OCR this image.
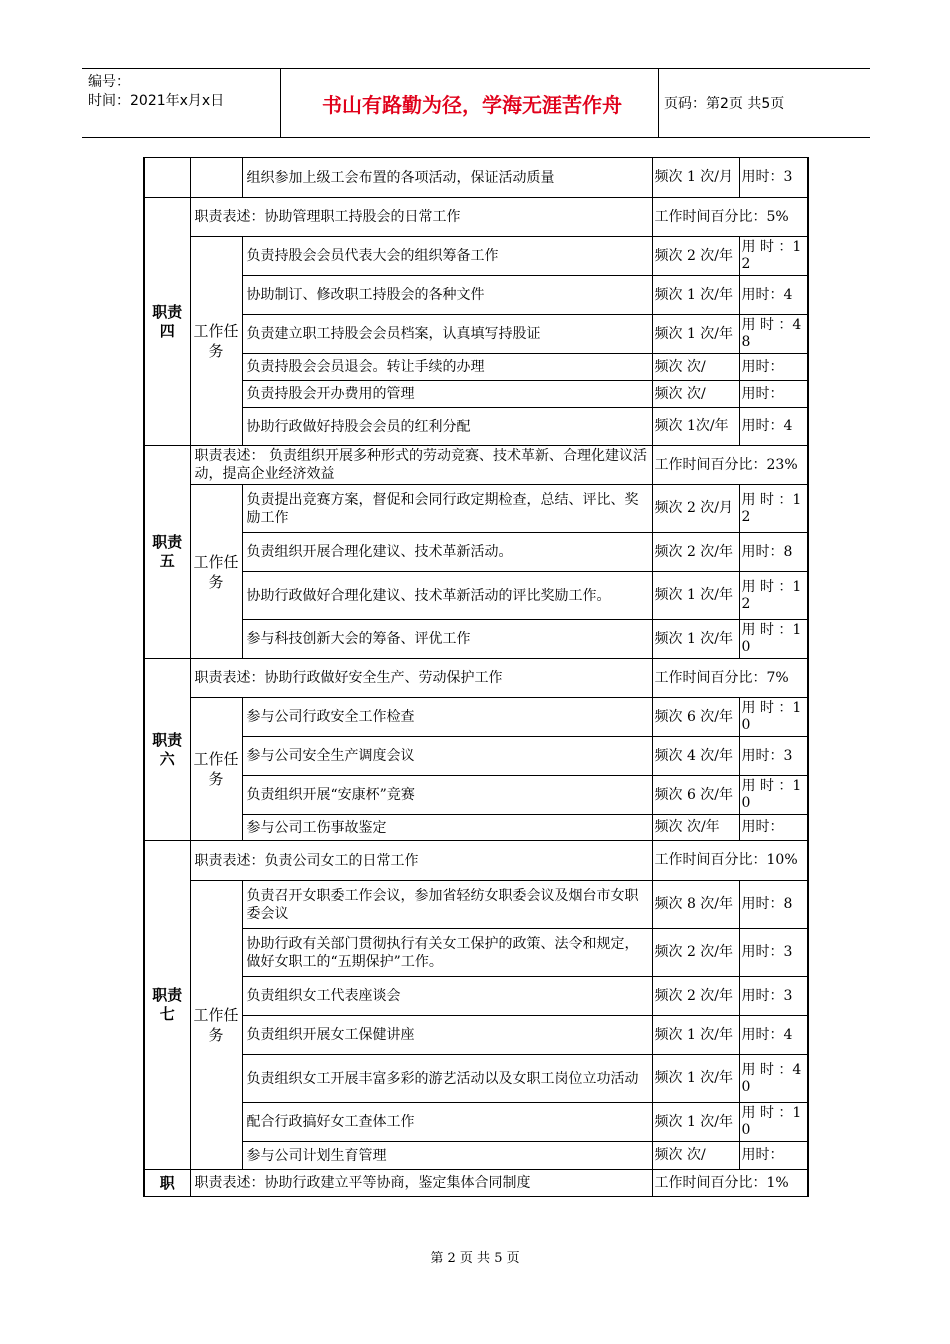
编号：
时间：2021年x月x日	书山有路勤为径，学海无涯苦作舟	页码：第2页 共5页
		组织参加上级工会布置的各项活动，保证活动质量	频次 1 次/月	用时：3
职责四	职责表述：协助管理职工持股会的日常工作		工作时间百分比：5%	
	工作任务	负责持股会会员代表大会的组织筹备工作	频次 2 次/年	用 时 ：12
		协助制订、修改职工持股会的各种文件	频次 1 次/年	用时：4
		负责建立职工持股会会员档案，认真填写持股证	频次 1 次/年	用 时 ：48
		负责持股会会员退会。转让手续的办理	频次 次/	用时：
		负责持股会开办费用的管理	频次 次/	用时：
		协助行政做好持股会会员的红利分配	频次 1次/年	用时：4
职责五	职责表述： 负责组织开展多种形式的劳动竞赛、技术革新、合理化建议活动，提高企业经济效益		工作时间百分比：23%	
	工作任务	负责提出竞赛方案，督促和会同行政定期检查，总结、评比、奖励工作	频次 2 次/月	用 时 ：12
		负责组织开展合理化建议、技术革新活动。	频次 2 次/年	用时：8
		协助行政做好合理化建议、技术革新活动的评比奖励工作。	频次 1 次/年	用 时 ：12
		参与科技创新大会的筹备、评优工作	频次 1 次/年	用 时 ：10
职责六	职责表述：协助行政做好安全生产、劳动保护工作		工作时间百分比：7%	
	工作任务	参与公司行政安全工作检查	频次 6 次/年	用 时 ：10
		参与公司安全生产调度会议	频次 4 次/年	用时：3
		负责组织开展“安康杯”竞赛	频次 6 次/年	用 时 ：10
		参与公司工伤事故鉴定	频次 次/年	用时：
职责七	职责表述：负责公司女工的日常工作		工作时间百分比：10%	
	工作任务	负责召开女职委工作会议，参加省轻纺女职委会议及烟台市女职委会议	频次 8 次/年	用时：8
		协助行政有关部门贯彻执行有关女工保护的政策、法令和规定，做好女职工的“五期保护”工作。	频次 2 次/年	用时：3
		负责组织女工代表座谈会	频次 2 次/年	用时：3
		负责组织开展女工保健讲座	频次 1 次/年	用时：4
		负责组织女工开展丰富多彩的游艺活动以及女职工岗位立功活动	频次 1 次/年	用 时 ：40
		配合行政搞好女工查体工作	频次 1 次/年	用 时 ：10
		参与公司计划生育管理	频次 次/	用时：
职	职责表述：协助行政建立平等协商，鉴定集体合同制度		工作时间百分比：1%	
第 2 页 共 5 页
